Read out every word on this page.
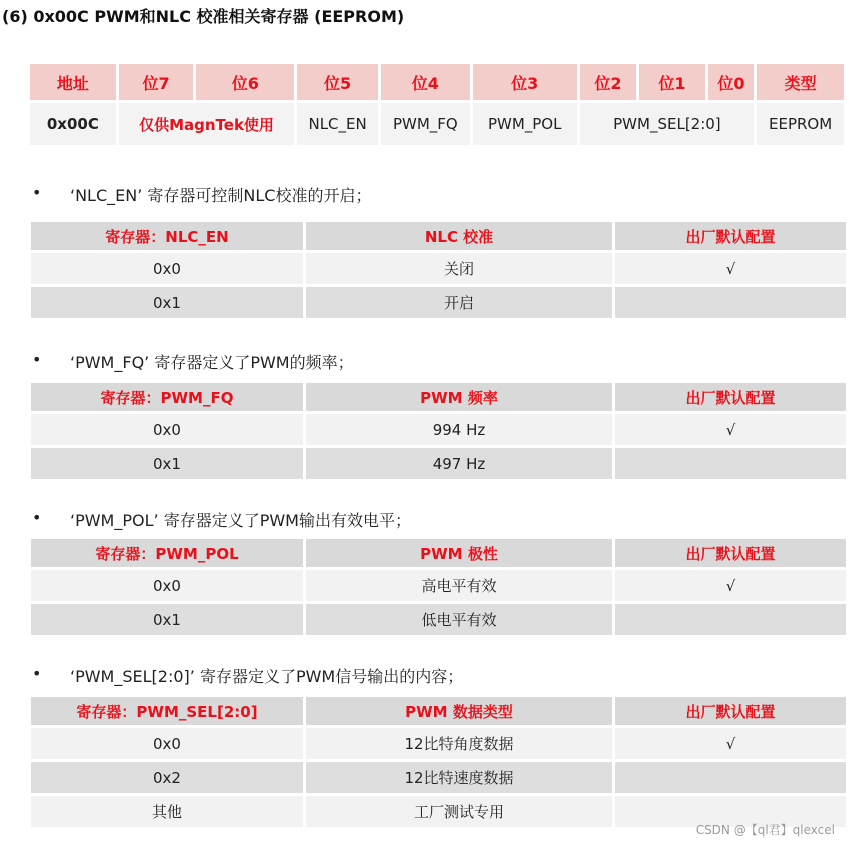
(6) 0x00C PWM和NLC 校准相关寄存器 (EEPROM)
地址	位7	位6	位5	位4	位3	位2	位1	位0	类型
0x00C	仅供MagnTek使用		NLC_EN	PWM_FQ	PWM_POL	PWM_SEL[2:0]			EEPROM
• ‘NLC_EN’ 寄存器可控制NLC校准的开启；
寄存器：NLC_EN	NLC 校准	出厂默认配置
0x0	关闭	√
0x1	开启	
• ‘PWM_FQ’ 寄存器定义了PWM的频率；
寄存器：PWM_FQ	PWM 频率	出厂默认配置
0x0	994 Hz	√
0x1	497 Hz	
• ‘PWM_POL’ 寄存器定义了PWM输出有效电平；
寄存器：PWM_POL	PWM 极性	出厂默认配置
0x0	高电平有效	√
0x1	低电平有效	
• ‘PWM_SEL[2:0]’ 寄存器定义了PWM信号输出的内容；
寄存器：PWM_SEL[2:0]	PWM 数据类型	出厂默认配置
0x0	12比特角度数据	√
0x2	12比特速度数据	
其他	工厂测试专用	
CSDN @【ql君】qlexcel
